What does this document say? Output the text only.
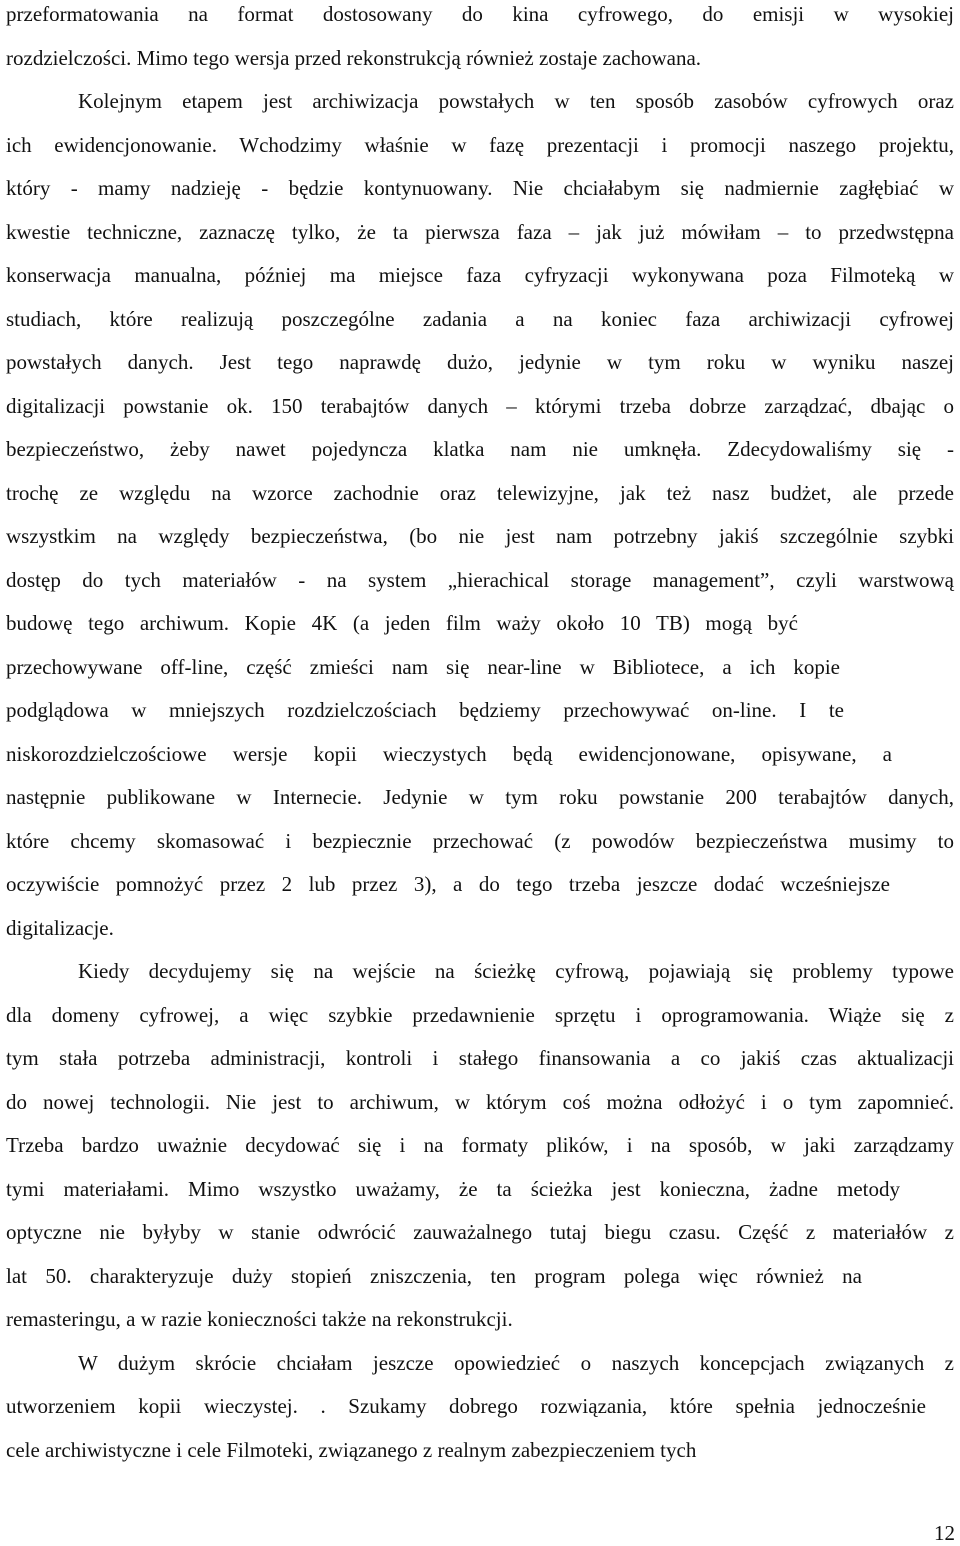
przeformatowania na format dostosowany do kina cyfrowego, do emisji w wysokiej
rozdzielczości. Mimo tego wersja przed rekonstrukcją również zostaje zachowana.
Kolejnym etapem jest archiwizacja powstałych w ten sposób zasobów cyfrowych oraz
ich ewidencjonowanie. Wchodzimy właśnie w fazę prezentacji i promocji naszego projektu,
który - mamy nadzieję - będzie kontynuowany. Nie chciałabym się nadmiernie zagłębiać w
kwestie techniczne, zaznaczę tylko, że ta pierwsza faza – jak już mówiłam – to przedwstępna
konserwacja manualna, później ma miejsce faza cyfryzacji wykonywana poza Filmoteką w
studiach, które realizują poszczególne zadania a na koniec faza archiwizacji cyfrowej
powstałych danych. Jest tego naprawdę dużo, jedynie w tym roku w wyniku naszej
digitalizacji powstanie ok. 150 terabajtów danych – którymi trzeba dobrze zarządzać, dbając o
bezpieczeństwo, żeby nawet pojedyncza klatka nam nie umknęła. Zdecydowaliśmy się -
trochę ze względu na wzorce zachodnie oraz telewizyjne, jak też nasz budżet, ale przede
wszystkim na względy bezpieczeństwa, (bo nie jest nam potrzebny jakiś szczególnie szybki
dostęp do tych materiałów - na system „hierachical storage management”, czyli warstwową
budowę tego archiwum. Kopie 4K (a jeden film waży około 10 TB) mogą być
przechowywane off-line, część zmieści nam się near-line w Bibliotece, a ich kopie
podglądowa w mniejszych rozdzielczościach będziemy przechowywać on-line. I te
niskorozdzielczościowe wersje kopii wieczystych będą ewidencjonowane, opisywane, a
następnie publikowane w Internecie. Jedynie w tym roku powstanie 200 terabajtów danych,
które chcemy skomasować i bezpiecznie przechować (z powodów bezpieczeństwa musimy to
oczywiście pomnożyć przez 2 lub przez 3), a do tego trzeba jeszcze dodać wcześniejsze
digitalizacje.
Kiedy decydujemy się na wejście na ścieżkę cyfrową, pojawiają się problemy typowe
dla domeny cyfrowej, a więc szybkie przedawnienie sprzętu i oprogramowania. Wiąże się z
tym stała potrzeba administracji, kontroli i stałego finansowania a co jakiś czas aktualizacji
do nowej technologii. Nie jest to archiwum, w którym coś można odłożyć i o tym zapomnieć.
Trzeba bardzo uważnie decydować się i na formaty plików, i na sposób, w jaki zarządzamy
tymi materiałami. Mimo wszystko uważamy, że ta ścieżka jest konieczna, żadne metody
optyczne nie byłyby w stanie odwrócić zauważalnego tutaj biegu czasu. Część z materiałów z
lat 50. charakteryzuje duży stopień zniszczenia, ten program polega więc również na
remasteringu, a w razie konieczności także na rekonstrukcji.
W dużym skrócie chciałam jeszcze opowiedzieć o naszych koncepcjach związanych z
utworzeniem kopii wieczystej. . Szukamy dobrego rozwiązania, które spełnia jednocześnie
cele archiwistyczne i cele Filmoteki, związanego z realnym zabezpieczeniem tych
12
